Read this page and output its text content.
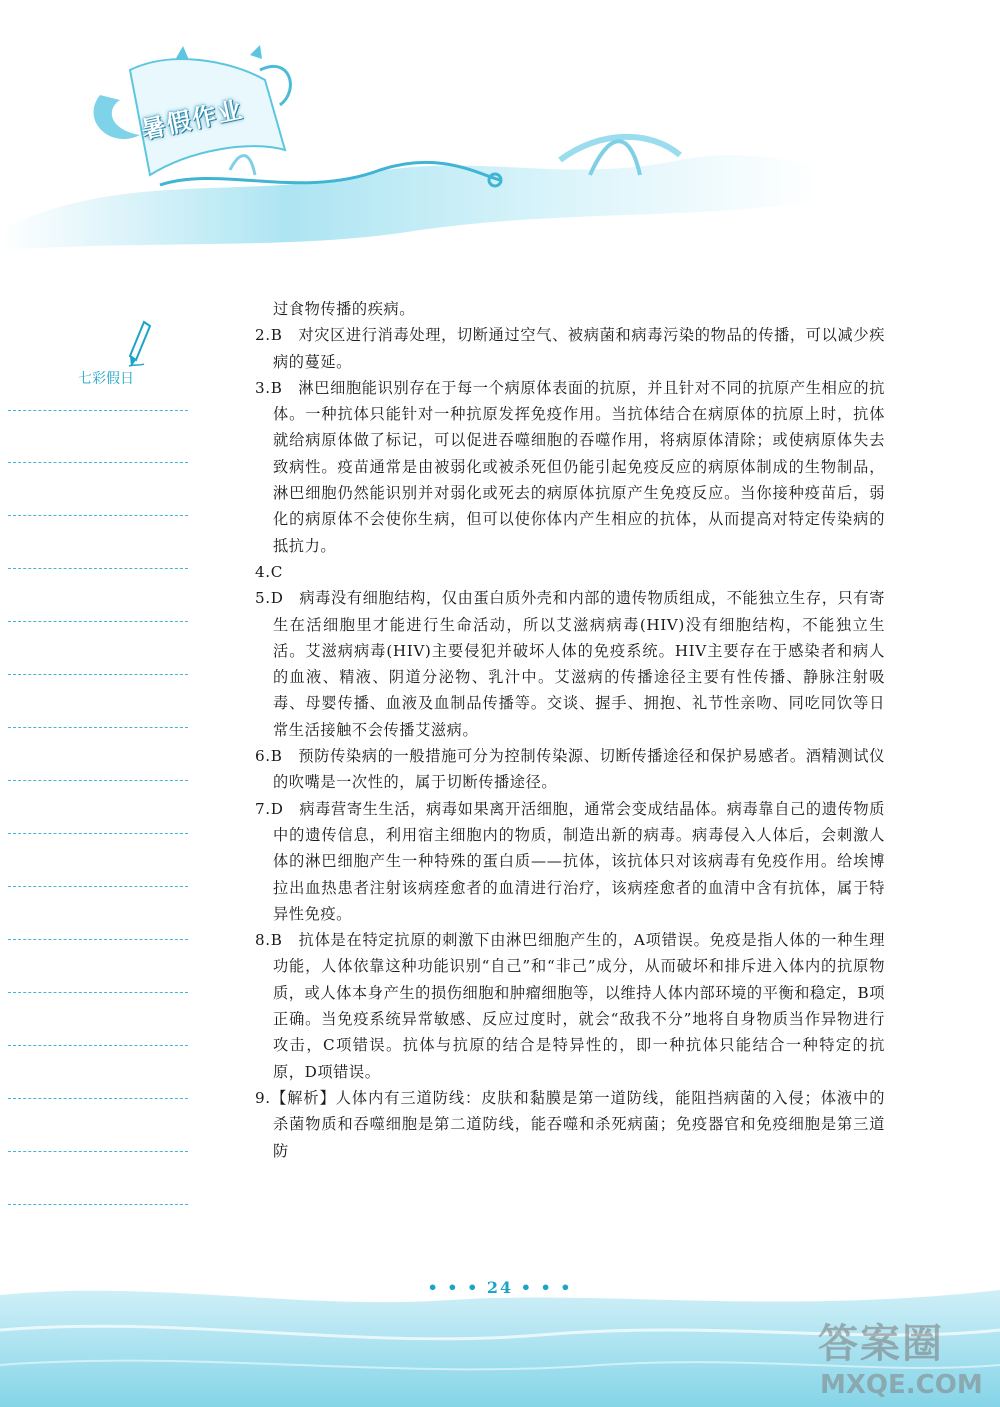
暑假作业
七彩假日

过食物传播的疾病。

2.B　对灾区进行消毒处理，切断通过空气、被病菌和病毒污染的物品的传播，可以减少疾病的蔓延。

3.B　淋巴细胞能识别存在于每一个病原体表面的抗原，并且针对不同的抗原产生相应的抗体。一种抗体只能针对一种抗原发挥免疫作用。当抗体结合在病原体的抗原上时，抗体就给病原体做了标记，可以促进吞噬细胞的吞噬作用，将病原体清除；或使病原体失去致病性。疫苗通常是由被弱化或被杀死但仍能引起免疫反应的病原体制成的生物制品，淋巴细胞仍然能识别并对弱化或死去的病原体抗原产生免疫反应。当你接种疫苗后，弱化的病原体不会使你生病，但可以使你体内产生相应的抗体，从而提高对特定传染病的抵抗力。

4.C

5.D　病毒没有细胞结构，仅由蛋白质外壳和内部的遗传物质组成，不能独立生存，只有寄生在活细胞里才能进行生命活动，所以艾滋病病毒(HIV)没有细胞结构，不能独立生活。艾滋病病毒(HIV)主要侵犯并破坏人体的免疫系统。HIV主要存在于感染者和病人的血液、精液、阴道分泌物、乳汁中。艾滋病的传播途径主要有性传播、静脉注射吸毒、母婴传播、血液及血制品传播等。交谈、握手、拥抱、礼节性亲吻、同吃同饮等日常生活接触不会传播艾滋病。

6.B　预防传染病的一般措施可分为控制传染源、切断传播途径和保护易感者。酒精测试仪的吹嘴是一次性的，属于切断传播途径。

7.D　病毒营寄生生活，病毒如果离开活细胞，通常会变成结晶体。病毒靠自己的遗传物质中的遗传信息，利用宿主细胞内的物质，制造出新的病毒。病毒侵入人体后，会刺激人体的淋巴细胞产生一种特殊的蛋白质——抗体，该抗体只对该病毒有免疫作用。给埃博拉出血热患者注射该病痊愈者的血清进行治疗，该病痊愈者的血清中含有抗体，属于特异性免疫。

8.B　抗体是在特定抗原的刺激下由淋巴细胞产生的，A项错误。免疫是指人体的一种生理功能，人体依靠这种功能识别“自己”和“非己”成分，从而破坏和排斥进入体内的抗原物质，或人体本身产生的损伤细胞和肿瘤细胞等，以维持人体内部环境的平衡和稳定，B项正确。当免疫系统异常敏感、反应过度时，就会“敌我不分”地将自身物质当作异物进行攻击，C项错误。抗体与抗原的结合是特异性的，即一种抗体只能结合一种特定的抗原，D项错误。

9.【解析】人体内有三道防线：皮肤和黏膜是第一道防线，能阻挡病菌的入侵；体液中的杀菌物质和吞噬细胞是第二道防线，能吞噬和杀死病菌；免疫器官和免疫细胞是第三道防

• • • 24 • • •
答案圈
MXQE.COM
